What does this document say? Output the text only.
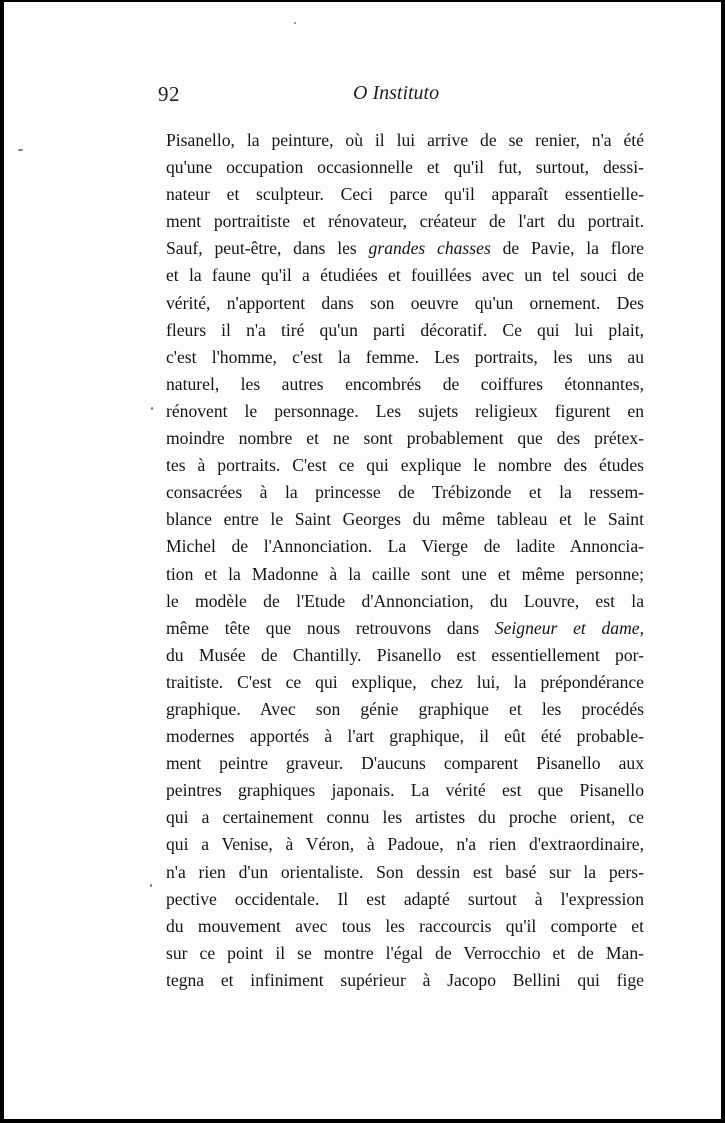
92	O Instituto
Pisanello, la peinture, où il lui arrive de se renier, n'a été
qu'une occupation occasionnelle et qu'il fut, surtout, dessi-
nateur et sculpteur. Ceci parce qu'il apparaît essentielle-
ment portraitiste et rénovateur, créateur de l'art du portrait.
Sauf, peut-être, dans les grandes chasses de Pavie, la flore
et la faune qu'il a étudiées et fouillées avec un tel souci de
vérité, n'apportent dans son oeuvre qu'un ornement. Des
fleurs il n'a tiré qu'un parti décoratif. Ce qui lui plait,
c'est l'homme, c'est la femme. Les portraits, les uns au
naturel, les autres encombrés de coiffures étonnantes,
rénovent le personnage. Les sujets religieux figurent en
moindre nombre et ne sont probablement que des prétex-
tes à portraits. C'est ce qui explique le nombre des études
consacrées à la princesse de Trébizonde et la ressem-
blance entre le Saint Georges du même tableau et le Saint
Michel de l'Annonciation. La Vierge de ladite Annoncia-
tion et la Madonne à la caille sont une et même personne;
le modèle de l'Etude d'Annonciation, du Louvre, est la
même tête que nous retrouvons dans Seigneur et dame,
du Musée de Chantilly. Pisanello est essentiellement por-
traitiste. C'est ce qui explique, chez lui, la prépondérance
graphique. Avec son génie graphique et les procédés
modernes apportés à l'art graphique, il eût été probable-
ment peintre graveur. D'aucuns comparent Pisanello aux
peintres graphiques japonais. La vérité est que Pisanello
qui a certainement connu les artistes du proche orient, ce
qui a Venise, à Véron, à Padoue, n'a rien d'extraordinaire,
n'a rien d'un orientaliste. Son dessin est basé sur la pers-
pective occidentale. Il est adapté surtout à l'expression
du mouvement avec tous les raccourcis qu'il comporte et
sur ce point il se montre l'égal de Verrocchio et de Man-
tegna et infiniment supérieur à Jacopo Bellini qui fige
